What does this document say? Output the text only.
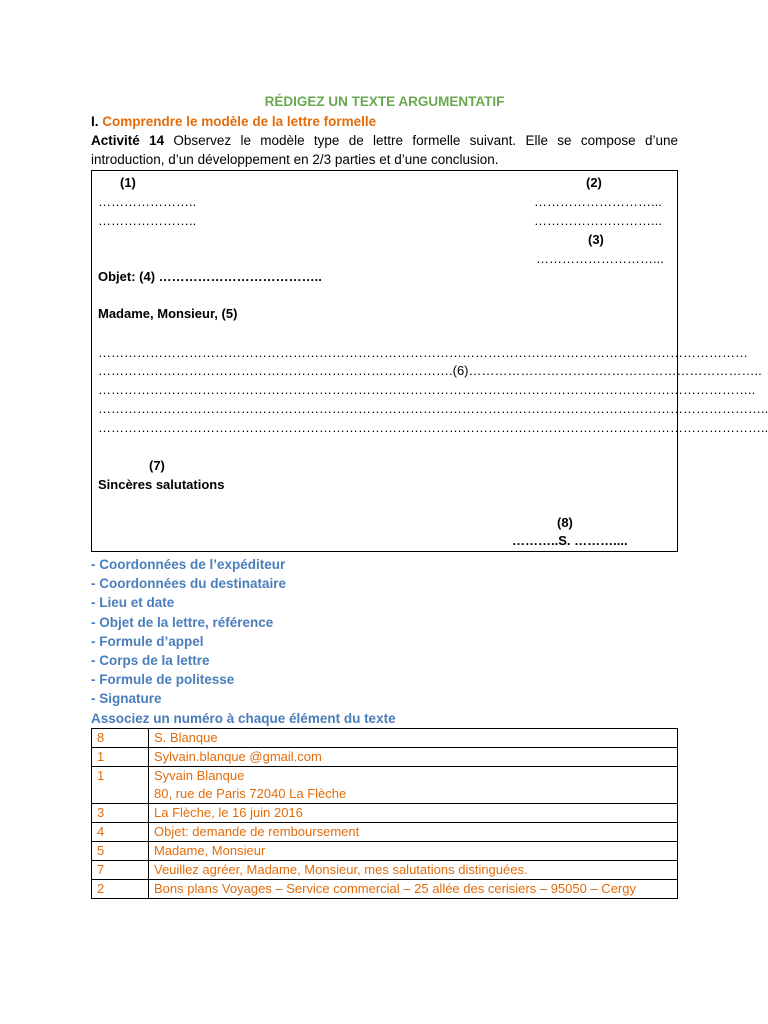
RÉDIGEZ UN TEXTE ARGUMENTATIF
I. Comprendre le modèle de la lettre formelle
Activité 14 Observez le modèle type de lettre formelle suivant. Elle se compose d’une introduction, d’un développement en 2/3 parties et d’une conclusion.
(1)	(2)
…………………..
…………………..
………………………...
………………………...
(3)
………………………...
Objet: (4) ………………………………..
Madame, Monsieur, (5)
……………………………………………………………………………………………………………………………………
……………………………………………………………………….(6)…………………………………………………………..
……………………………………………………………………………………………………………………………………..
………………………………………………………………………………………………………………………………………..
………………………………………………………………………………………………………………………………………..
(7)
Sincères salutations
(8)
………..S. ………....
- Coordonnées de l’expéditeur
- Coordonnées du destinataire
- Lieu et date
- Objet de la lettre, référence
- Formule d’appel
- Corps de la lettre
- Formule de politesse
- Signature
Associez un numéro à chaque élément du texte
8	S. Blanque
1	Sylvain.blanque @gmail.com
1	Syvain Blanque
80, rue de Paris 72040 La Flèche

3	La Flèche, le 16 juin 2016
4	Objet: demande de remboursement
5	Madame, Monsieur
7	Veuillez agréer, Madame, Monsieur, mes salutations distinguées.
2	Bons plans Voyages – Service commercial – 25 allée des cerisiers – 95050 – Cergy
